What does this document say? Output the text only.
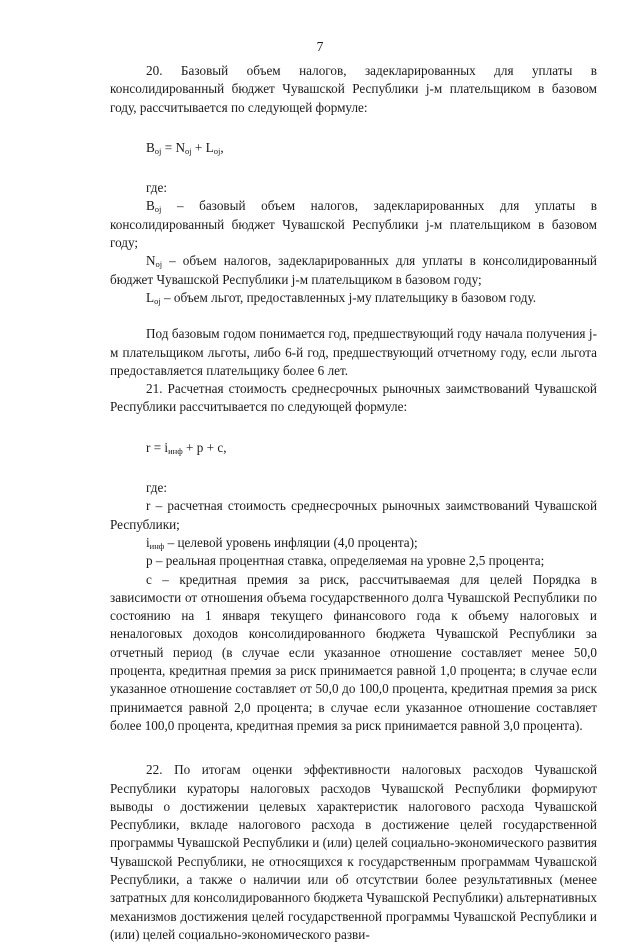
7

20. Базовый объем налогов, задекларированных для уплаты в консолидированный бюджет Чувашской Республики j-м плательщиком в базовом году, рассчитывается по следующей формуле:

$B_{oj} = N_{oj} + L_{oj}$,

где:

$B_{oj}$ – базовый объем налогов, задекларированных для уплаты в консолидированный бюджет Чувашской Республики j-м плательщиком в базовом году;

$N_{oj}$ – объем налогов, задекларированных для уплаты в консолидированный бюджет Чувашской Республики j-м плательщиком в базовом году;

$L_{oj}$ – объем льгот, предоставленных j-му плательщику в базовом году.

Под базовым годом понимается год, предшествующий году начала получения j-м плательщиком льготы, либо 6-й год, предшествующий отчетному году, если льгота предоставляется плательщику более 6 лет.

21. Расчетная стоимость среднесрочных рыночных заимствований Чувашской Республики рассчитывается по следующей формуле:

$r = i_{инф} + p + c$,

где:

r – расчетная стоимость среднесрочных рыночных заимствований Чувашской Республики;

$i_{инф}$ – целевой уровень инфляции (4,0 процента);

p – реальная процентная ставка, определяемая на уровне 2,5 процента;

c – кредитная премия за риск, рассчитываемая для целей Порядка в зависимости от отношения объема государственного долга Чувашской Республики по состоянию на 1 января текущего финансового года к объему налоговых и неналоговых доходов консолидированного бюджета Чувашской Республики за отчетный период (в случае если указанное отношение составляет менее 50,0 процента, кредитная премия за риск принимается равной 1,0 процента; в случае если указанное отношение составляет от 50,0 до 100,0 процента, кредитная премия за риск принимается равной 2,0 процента; в случае если указанное отношение составляет более 100,0 процента, кредитная премия за риск принимается равной 3,0 процента).

22. По итогам оценки эффективности налоговых расходов Чувашской Республики кураторы налоговых расходов Чувашской Республики формируют выводы о достижении целевых характеристик налогового расхода Чувашской Республики, вкладе налогового расхода в достижение целей государственной программы Чувашской Республики и (или) целей социально-экономического развития Чувашской Республики, не относящихся к государственным программам Чувашской Республики, а также о наличии или об отсутствии более результативных (менее затратных для консолидированного бюджета Чувашской Республики) альтернативных механизмов достижения целей государственной программы Чувашской Республики и (или) целей социально-экономического разви-
